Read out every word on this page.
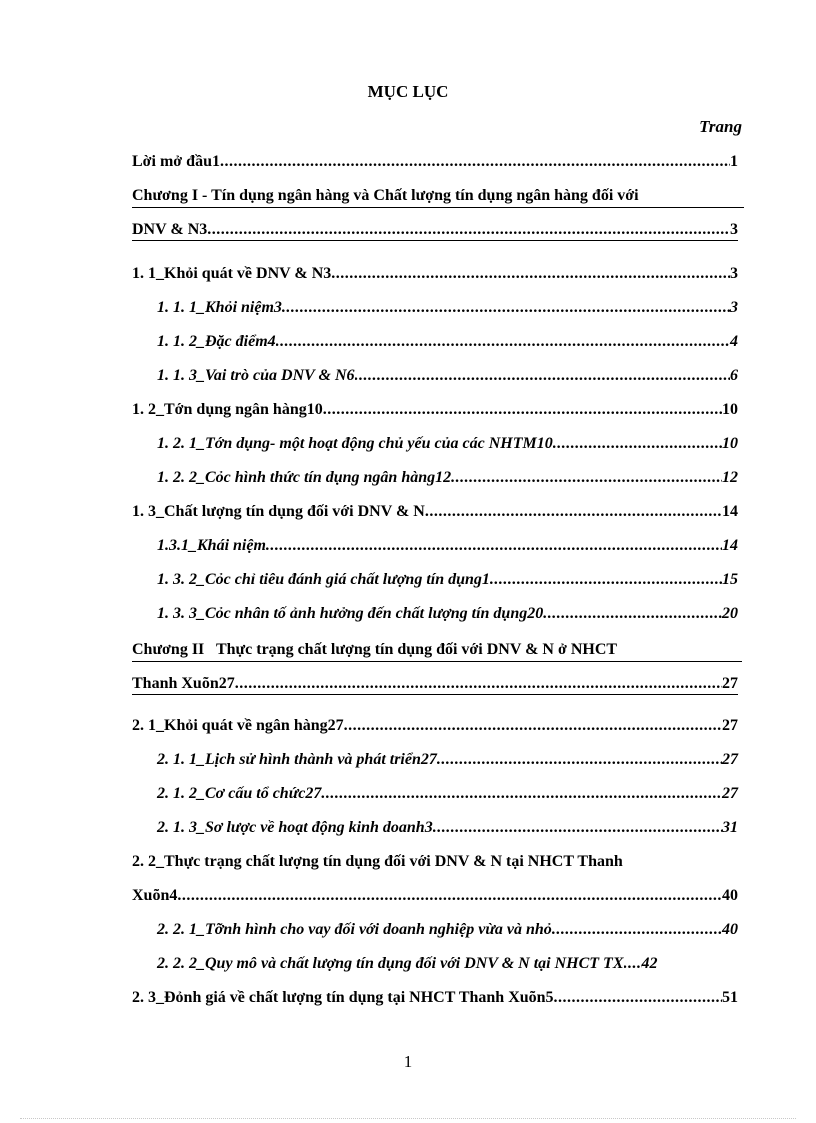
MỤC LỤC
Trang
Lời mở đầu1 .....	1
Chương I - Tín dụng ngân hàng và Chất lượng tín dụng ngân hàng đối với
DNV & N3 .....	3
1. 1_Khỏi quát về DNV & N3 .....	3
1. 1. 1_Khỏi niệm3 .....	3
1. 1. 2_Đặc điểm4 .....	4
1. 1. 3_Vai trò của DNV & N6 .....	6
1. 2_Tớn dụng ngân hàng10 .....	10
1. 2. 1_Tớn dụng- một hoạt động chủ yếu của các NHTM10 .....	10
1. 2. 2_Cỏc hình thức tín dụng ngân hàng12 .....	12
1. 3_Chất lượng tín dụng đối với DNV & N .....	14
1.3.1_Khái niệm .....	14
1. 3. 2_Cỏc chỉ tiêu đánh giá chất lượng tín dụng1 .....	15
1. 3. 3_Cỏc nhân tố ảnh hưởng đến chất lượng tín dụng20 .....	20
Chương II   Thực trạng chất lượng tín dụng đối với DNV & N ở NHCT
Thanh Xuõn27 .....	27
2. 1_Khỏi quát về ngân hàng27 .....	27
2. 1. 1_Lịch sử hình thành và phát triển27 .....	27
2. 1. 2_Cơ cấu tổ chức27 .....	27
2. 1. 3_Sơ lược về hoạt động kinh doanh3 .....	31
2. 2_Thực trạng chất lượng tín dụng đối với DNV & N tại NHCT Thanh
Xuõn4 .....	40
2. 2. 1_Tỡnh hình cho vay đối với doanh nghiệp vừa và nhỏ .....	40
2. 2. 2_Quy mô và chất lượng tín dụng đối với DNV & N tại NHCT TX ..... 42
2. 3_Đỏnh giá về chất lượng tín dụng tại NHCT Thanh Xuõn5 .....	51
1
